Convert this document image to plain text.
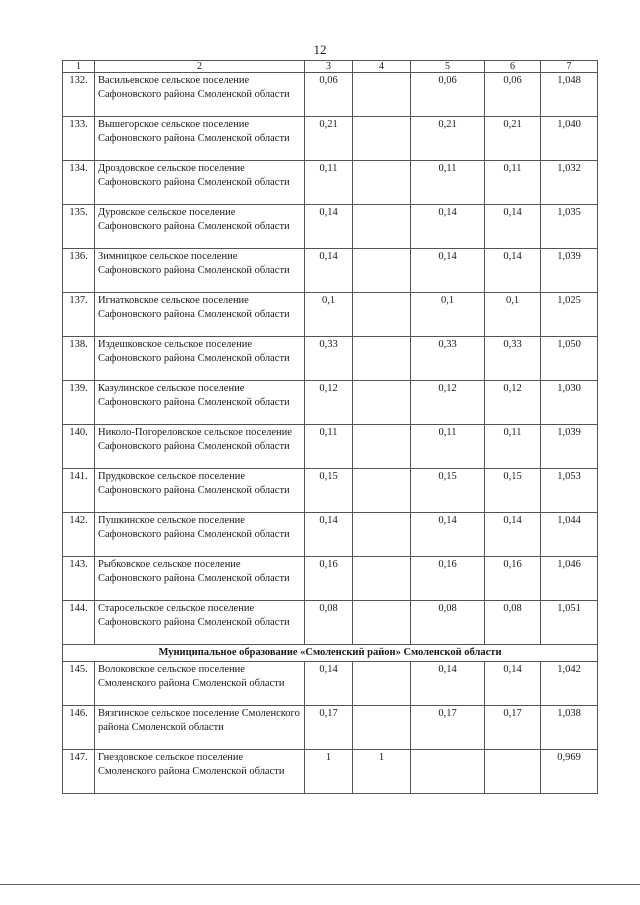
12
1	2	3	4	5	6	7
132.	Васильевское сельское поселение Сафоновского района Смоленской области	0,06		0,06	0,06	1,048
133.	Вышегорское сельское поселение Сафоновского района Смоленской области	0,21		0,21	0,21	1,040
134.	Дроздовское сельское поселение Сафоновского района Смоленской области	0,11		0,11	0,11	1,032
135.	Дуровское сельское поселение Сафоновского района Смоленской области	0,14		0,14	0,14	1,035
136.	Зимницкое сельское поселение Сафоновского района Смоленской области	0,14		0,14	0,14	1,039
137.	Игнатковское сельское поселение Сафоновского района Смоленской области	0,1		0,1	0,1	1,025
138.	Издешковское сельское поселение Сафоновского района Смоленской области	0,33		0,33	0,33	1,050
139.	Казулинское сельское поселение Сафоновского района Смоленской области	0,12		0,12	0,12	1,030
140.	Николо-Погореловское сельское поселение Сафоновского района Смоленской области	0,11		0,11	0,11	1,039
141.	Прудковское сельское поселение Сафоновского района Смоленской области	0,15		0,15	0,15	1,053
142.	Пушкинское сельское поселение Сафоновского района Смоленской области	0,14		0,14	0,14	1,044
143.	Рыбковское сельское поселение Сафоновского района Смоленской области	0,16		0,16	0,16	1,046
144.	Старосельское сельское поселение Сафоновского района Смоленской области	0,08		0,08	0,08	1,051
Муниципальное образование «Смоленский район» Смоленской области						
145.	Волоковское сельское поселение Смоленского района Смоленской области	0,14		0,14	0,14	1,042
146.	Вязгинское сельское поселение Смоленского района Смоленской области	0,17		0,17	0,17	1,038
147.	Гнездовское сельское поселение Смоленского района Смоленской области	1	1			0,969
